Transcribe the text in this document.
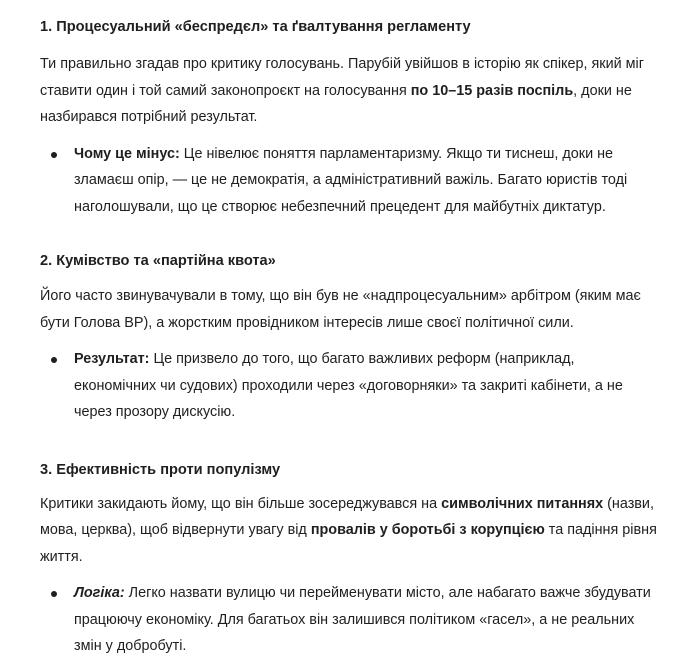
1. Процесуальний «беспредєл» та ґвалтування регламенту

Ти правильно згадав про критику голосувань. Парубій увійшов в історію як спікер, який міг ставити один і той самий законопроєкт на голосування по 10–15 разів поспіль, доки не назбирався потрібний результат.

Чому це мінус: Це нівелює поняття парламентаризму. Якщо ти тиснеш, доки не зламаєш опір, — це не демократія, а адміністративний важіль. Багато юристів тоді наголошували, що це створює небезпечний прецедент для майбутніх диктатур.
2. Кумівство та «партійна квота»

Його часто звинувачували в тому, що він був не «надпроцесуальним» арбітром (яким має бути Голова ВР), а жорстким провідником інтересів лише своєї політичної сили.

Результат: Це призвело до того, що багато важливих реформ (наприклад, економічних чи судових) проходили через «договорняки» та закриті кабінети, а не через прозору дискусію.
3. Ефективність проти популізму

Критики закидають йому, що він більше зосереджувався на символічних питаннях (назви, мова, церква), щоб відвернути увагу від провалів у боротьбі з корупцією та падіння рівня життя.

Логіка: Легко назвати вулицю чи перейменувати місто, але набагато важче збудувати працюючу економіку. Для багатьох він залишився політиком «гасел», а не реальних змін у добробуті.
